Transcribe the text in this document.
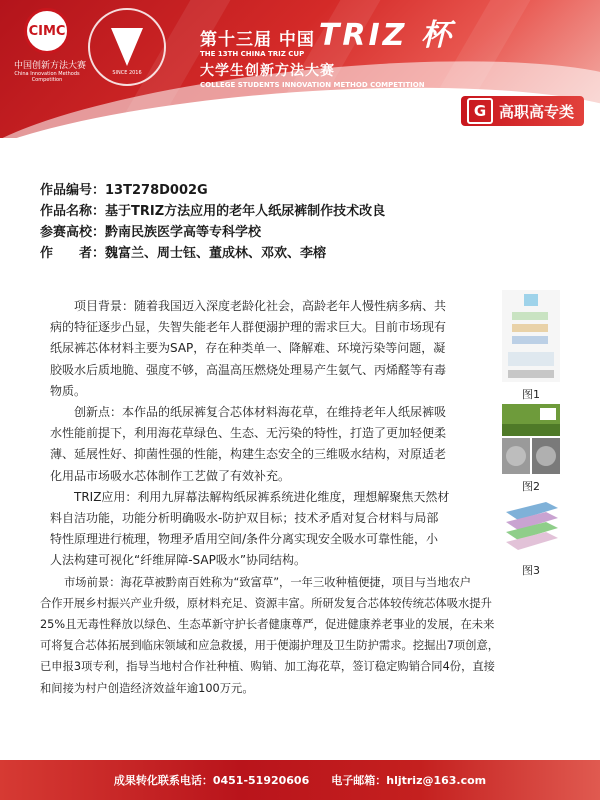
CIMC
中国创新方法大赛
China Innovation Methods Competition
SINCE 2016
第十三届 中国 TRIZ 杯
THE 13TH CHINA TRIZ CUP
大学生创新方法大赛
COLLEGE STUDENTS INNOVATION METHOD COMPETITION
G 高职高专类
作品编号：13T278D002G
作品名称：基于TRIZ方法应用的老年人纸尿裤制作技术改良
参赛高校：黔南民族医学高等专科学校
作　　者：魏富兰、周士钰、董成林、邓欢、李榕
项目背景：随着我国迈入深度老龄化社会，高龄老年人慢性病多病、共
病的特征逐步凸显，失智失能老年人群便溺护理的需求巨大。目前市场现有
纸尿裤芯体材料主要为SAP，存在种类单一、降解难、环境污染等问题，凝
胶吸水后质地脆、强度不够，高温高压燃烧处理易产生氨气、丙烯醛等有毒
物质。
创新点：本作品的纸尿裤复合芯体材料海花草，在维持老年人纸尿裤吸
水性能前提下，利用海花草绿色、生态、无污染的特性，打造了更加轻便柔
薄、延展性好、抑菌性强的性能，构建生态安全的三维吸水结构，对原适老
化用品市场吸水芯体制作工艺做了有效补充。
TRIZ应用：利用九屏幕法解构纸尿裤系统进化维度，理想解聚焦天然材
料自洁功能，功能分析明确吸水-防护双目标；技术矛盾对复合材料与局部
特性原理进行梳理，物理矛盾用空间/条件分离实现安全吸水可靠性能，小
人法构建可视化“纤维屏障-SAP吸水”协同结构。
市场前景：海花草被黔南百姓称为“致富草”，一年三收种植便捷，项目与当地农户
合作开展乡村振兴产业升级，原材料充足、资源丰富。所研发复合芯体较传统芯体吸水提升
25%且无毒性释放以绿色、生态革新守护长者健康尊严，促进健康养老事业的发展，在未来
可将复合芯体拓展到临床领域和应急救援，用于便溺护理及卫生防护需求。挖掘出7项创意，
已申报3项专利，指导当地村合作社种植、购销、加工海花草，签订稳定购销合同4份，直接
和间接为村户创造经济效益年逾100万元。
图1
图2
图3
成果转化联系电话：0451-51920606　　电子邮箱：hljtriz@163.com
